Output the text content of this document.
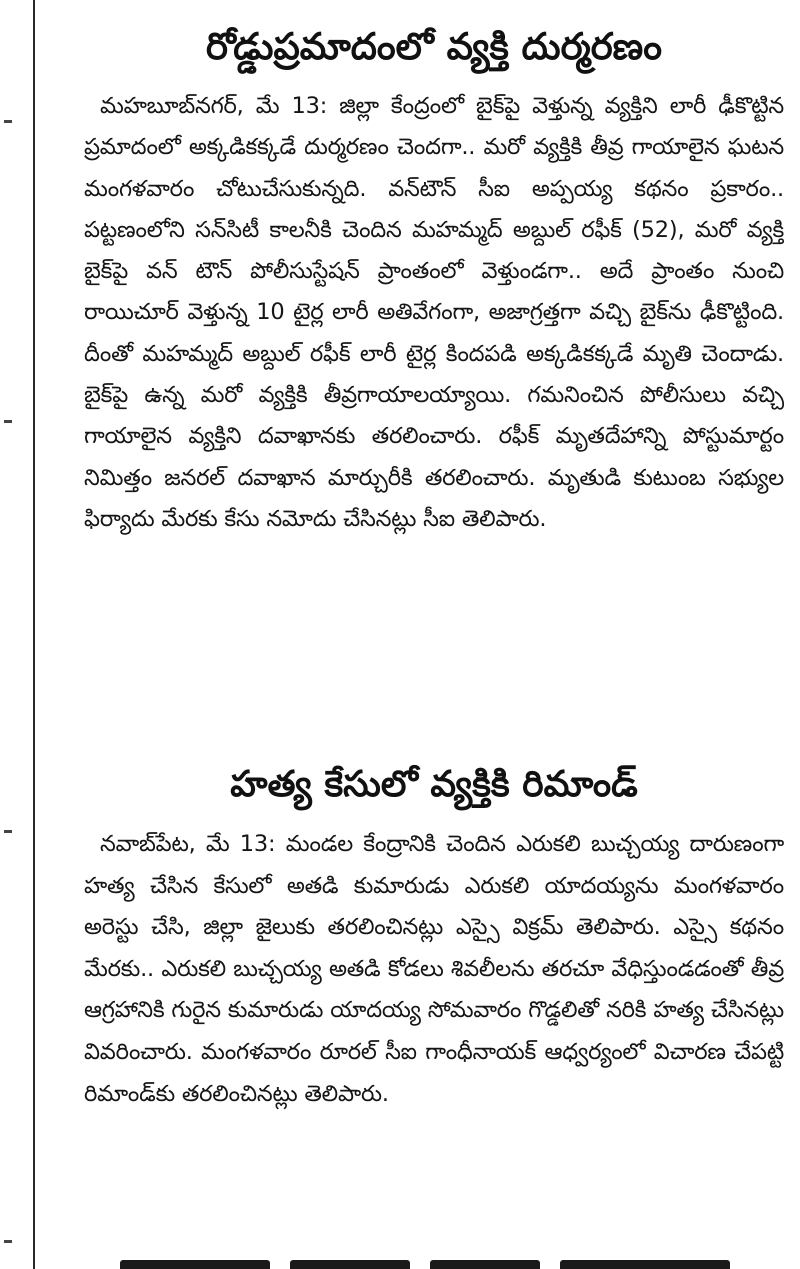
రోడ్డుప్రమాదంలో వ్యక్తి దుర్మరణం

మహబూబ్‌నగర్, మే 13: జిల్లా కేంద్రంలో బైక్‌పై వెళ్తున్న వ్యక్తిని లారీ ఢీకొట్టిన ప్రమాదంలో అక్కడికక్కడే దుర్మరణం చెందగా.. మరో వ్యక్తికి తీవ్ర గాయాలైన ఘటన మంగళవారం చోటుచేసుకున్నది. వన్‌టౌన్ సీఐ అప్పయ్య కథనం ప్రకారం.. పట్టణంలోని సన్‌సిటీ కాలనీకి చెందిన మహమ్మద్ అబ్దుల్ రఫీక్ (52), మరో వ్యక్తి బైక్‌పై వన్ టౌన్ పోలీసుస్టేషన్ ప్రాంతంలో వెళ్తుండగా.. అదే ప్రాంతం నుంచి రాయిచూర్ వెళ్తున్న 10 టైర్ల లారీ అతివేగంగా, అజాగ్రత్తగా వచ్చి బైక్‌ను ఢీకొట్టింది. దీంతో మహమ్మద్ అబ్దుల్ రఫీక్ లారీ టైర్ల కిందపడి అక్కడికక్కడే మృతి చెందాడు. బైక్‌పై ఉన్న మరో వ్యక్తికి తీవ్రగాయాలయ్యాయి. గమనించిన పోలీసులు వచ్చి గాయాలైన వ్యక్తిని దవాఖానకు తరలించారు. రఫీక్ మృతదేహాన్ని పోస్టుమార్టం నిమిత్తం జనరల్ దవాఖాన మార్చురీకి తరలించారు. మృతుడి కుటుంబ సభ్యుల ఫిర్యాదు మేరకు కేసు నమోదు చేసినట్లు సీఐ తెలిపారు.

హత్య కేసులో వ్యక్తికి రిమాండ్

నవాబ్‌పేట, మే 13: మండల కేంద్రానికి చెందిన ఎరుకలి బుచ్చయ్య దారుణంగా హత్య చేసిన కేసులో అతడి కుమారుడు ఎరుకలి యాదయ్యను మంగళవారం అరెస్టు చేసి, జిల్లా జైలుకు తరలించినట్లు ఎస్సై విక్రమ్ తెలిపారు. ఎస్సై కథనం మేరకు.. ఎరుకలి బుచ్చయ్య అతడి కోడలు శివలీలను తరచూ వేధిస్తుండడంతో తీవ్ర ఆగ్రహానికి గురైన కుమారుడు యాదయ్య సోమవారం గొడ్డలితో నరికి హత్య చేసినట్లు వివరించారు. మంగళవారం రూరల్ సీఐ గాంధీనాయక్ ఆధ్వర్యంలో విచారణ చేపట్టి రిమాండ్‌కు తరలించినట్లు తెలిపారు.
